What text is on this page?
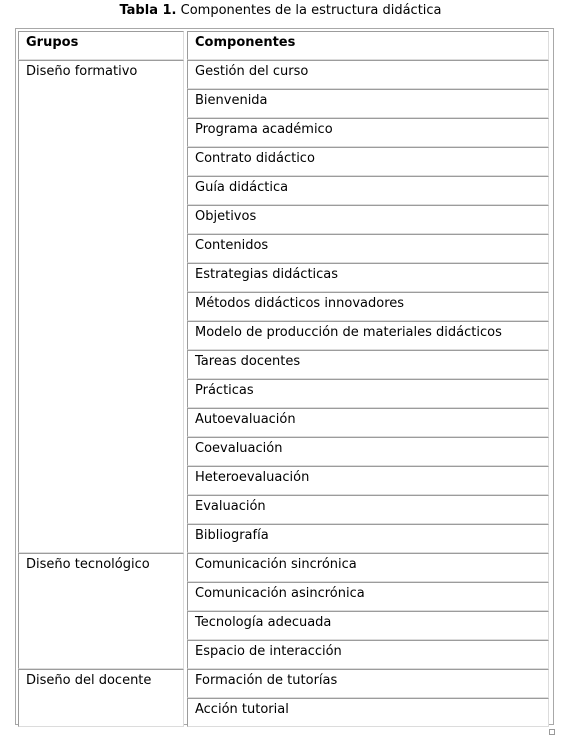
Tabla 1. Componentes de la estructura didáctica
Grupos	Componentes
Gestión del curso
Bienvenida
Programa académico
Contrato didáctico
Guía didáctica
Objetivos
Contenidos
Estrategias didácticas
Métodos didácticos innovadores
Modelo de producción de materiales didácticos
Tareas docentes
Prácticas
Autoevaluación
Coevaluación
Heteroevaluación
Evaluación
Bibliografía
Diseño formativo
Comunicación sincrónica
Comunicación asincrónica
Tecnología adecuada
Espacio de interacción
Diseño tecnológico
Formación de tutorías
Acción tutorial
Diseño del docente
